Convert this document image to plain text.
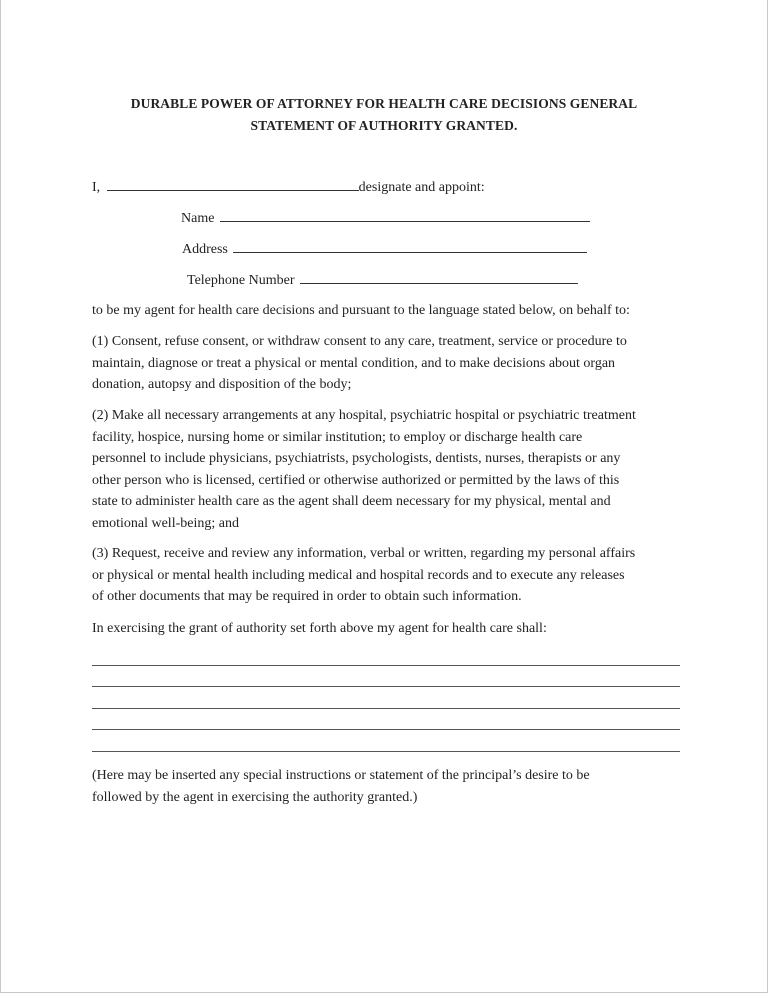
DURABLE POWER OF ATTORNEY FOR HEALTH CARE DECISIONS GENERAL
STATEMENT OF AUTHORITY GRANTED.
I,	designate and appoint:
Name
Address
Telephone Number
to be my agent for health care decisions and pursuant to the language stated below, on behalf to:
(1) Consent, refuse consent, or withdraw consent to any care, treatment, service or procedure to
maintain, diagnose or treat a physical or mental condition, and to make decisions about organ
donation, autopsy and disposition of the body;
(2) Make all necessary arrangements at any hospital, psychiatric hospital or psychiatric treatment
facility, hospice, nursing home or similar institution; to employ or discharge health care
personnel to include physicians, psychiatrists, psychologists, dentists, nurses, therapists or any
other person who is licensed, certified or otherwise authorized or permitted by the laws of this
state to administer health care as the agent shall deem necessary for my physical, mental and
emotional well-being; and
(3) Request, receive and review any information, verbal or written, regarding my personal affairs
or physical or mental health including medical and hospital records and to execute any releases
of other documents that may be required in order to obtain such information.
In exercising the grant of authority set forth above my agent for health care shall:
(Here may be inserted any special instructions or statement of the principal’s desire to be
followed by the agent in exercising the authority granted.)
